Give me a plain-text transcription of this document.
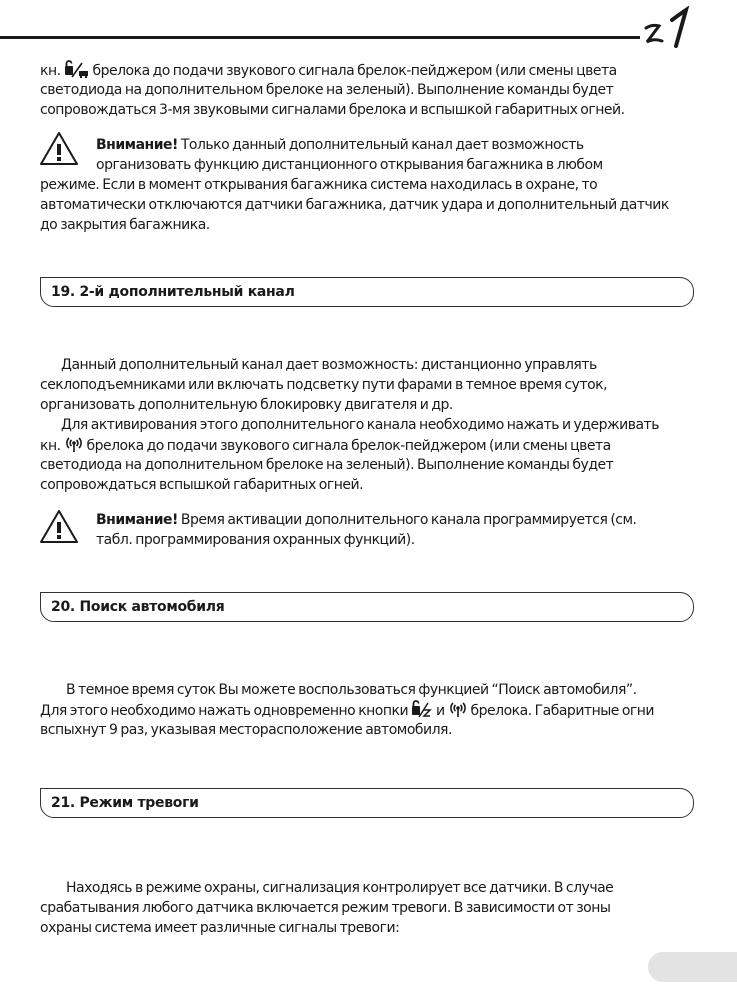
z1
кн. брелока до подачи звукового сигнала брелок-пейджером (или смены цвета
светодиода на дополнительном брелоке на зеленый). Выполнение команды будет
сопровождаться 3-мя звуковыми сигналами брелока и вспышкой габаритных огней.
Внимание! Только данный дополнительный канал дает возможность
организовать функцию дистанционного открывания багажника в любом
режиме. Если в момент открывания багажника система находилась в охране, то
автоматически отключаются датчики багажника, датчик удара и дополнительный датчик
до закрытия багажника.
19. 2-й дополнительный канал
Данный дополнительный канал дает возможность: дистанционно управлять
секлоподъемниками или включать подсветку пути фарами в темное время суток,
организовать дополнительную блокировку двигателя и др.
Для активирования этого дополнительного канала необходимо нажать и удерживать
кн. брелока до подачи звукового сигнала брелок-пейджером (или смены цвета
светодиода на дополнительном брелоке на зеленый). Выполнение команды будет
сопровождаться вспышкой габаритных огней.
Внимание! Время активации дополнительного канала программируется (см.
табл. программирования охранных функций).
20. Поиск автомобиля
В темное время суток Вы можете воспользоваться функцией “Поиск автомобиля”.
Для этого необходимо нажать одновременно кнопки и брелока. Габаритные огни
вспыхнут 9 раз, указывая месторасположение автомобиля.
21. Режим тревоги
Находясь в режиме охраны, сигнализация контролирует все датчики. В случае
срабатывания любого датчика включается режим тревоги. В зависимости от зоны
охраны система имеет различные сигналы тревоги:
